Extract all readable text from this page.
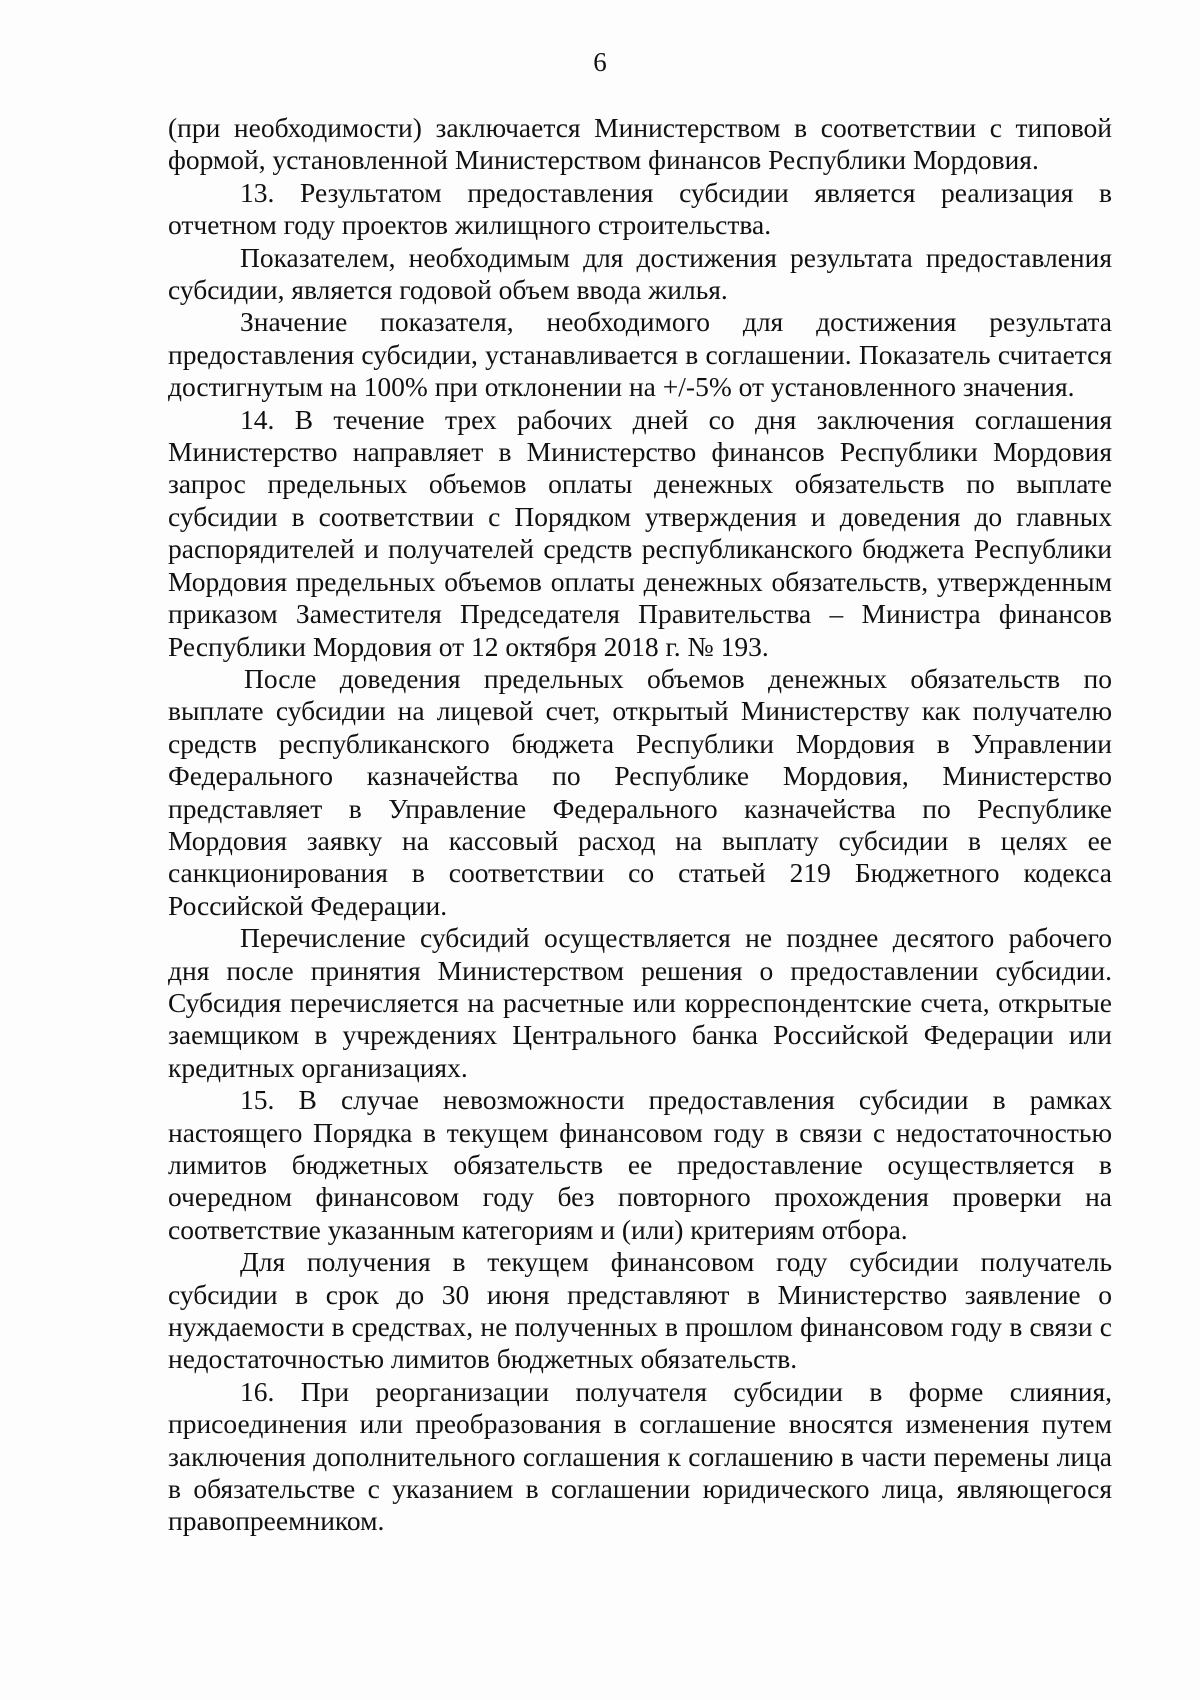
6

(при необходимости) заключается Министерством в соответствии с типовой формой, установленной Министерством финансов Республики Мордовия.

13. Результатом предоставления субсидии является реализация в отчетном году проектов жилищного строительства.

Показателем, необходимым для достижения результата предоставления субсидии, является годовой объем ввода жилья.

Значение показателя, необходимого для достижения результата предоставления субсидии, устанавливается в соглашении. Показатель считается достигнутым на 100% при отклонении на +/-5% от установленного значения.

14. В течение трех рабочих дней со дня заключения соглашения Министерство направляет в Министерство финансов Республики Мордовия запрос предельных объемов оплаты денежных обязательств по выплате субсидии в соответствии с Порядком утверждения и доведения до главных распорядителей и получателей средств республиканского бюджета Республики Мордовия предельных объемов оплаты денежных обязательств, утвержденным приказом Заместителя Председателя Правительства – Министра финансов Республики Мордовия от 12 октября 2018 г. № 193.

После доведения предельных объемов денежных обязательств по выплате субсидии на лицевой счет, открытый Министерству как получателю средств республиканского бюджета Республики Мордовия в Управлении Федерального казначейства по Республике Мордовия, Министерство представляет в Управление Федерального казначейства по Республике Мордовия заявку на кассовый расход на выплату субсидии в целях ее санкционирования в соответствии со статьей 219 Бюджетного кодекса Российской Федерации.

Перечисление субсидий осуществляется не позднее десятого рабочего дня после принятия Министерством решения о предоставлении субсидии. Субсидия перечисляется на расчетные или корреспондентские счета, открытые заемщиком в учреждениях Центрального банка Российской Федерации или кредитных организациях.

15. В случае невозможности предоставления субсидии в рамках настоящего Порядка в текущем финансовом году в связи с недостаточностью лимитов бюджетных обязательств ее предоставление осуществляется в очередном финансовом году без повторного прохождения проверки на соответствие указанным категориям и (или) критериям отбора.

Для получения в текущем финансовом году субсидии получатель субсидии в срок до 30 июня представляют в Министерство заявление о нуждаемости в средствах, не полученных в прошлом финансовом году в связи с недостаточностью лимитов бюджетных обязательств.

16. При реорганизации получателя субсидии в форме слияния, присоединения или преобразования в соглашение вносятся изменения путем заключения дополнительного соглашения к соглашению в части перемены лица в обязательстве с указанием в соглашении юридического лица, являющегося правопреемником.
